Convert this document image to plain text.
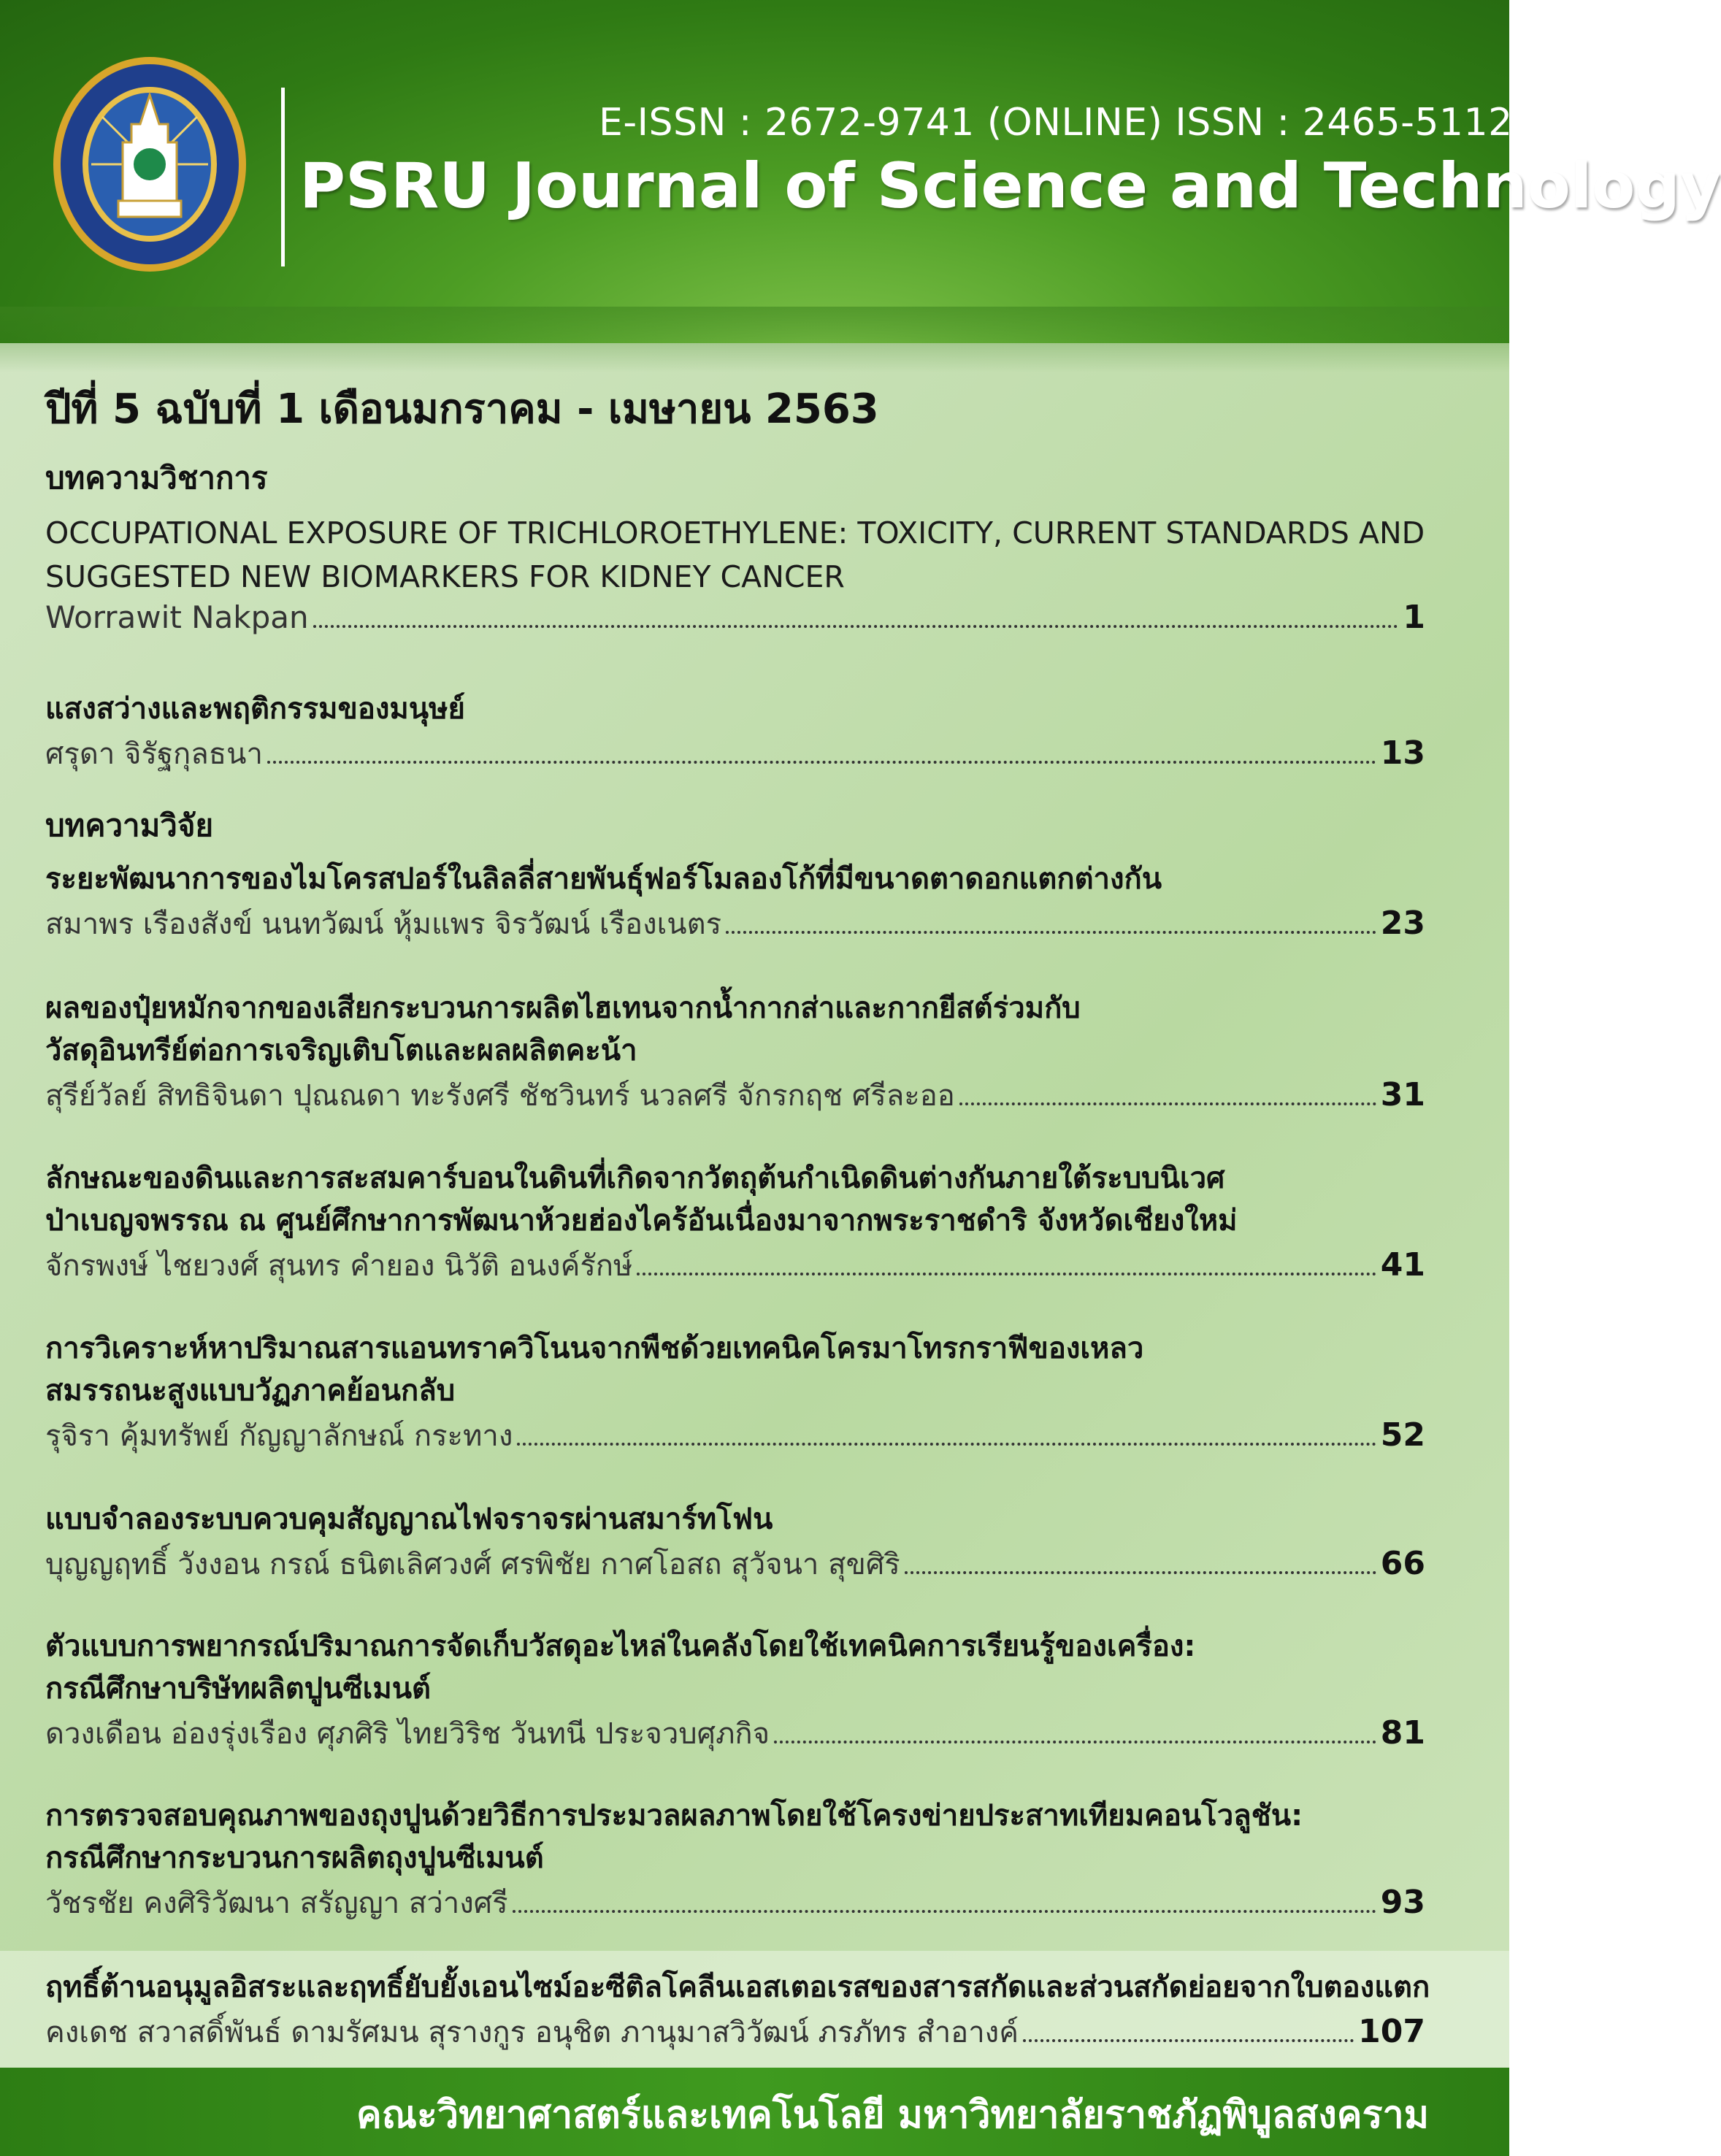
E-ISSN : 2672-9741 (ONLINE) ISSN : 2465-5112
PSRU Journal of Science and Technology
ปีที่ 5 ฉบับที่ 1 เดือนมกราคม - เมษายน 2563
บทความวิชาการ
OCCUPATIONAL EXPOSURE OF TRICHLOROETHYLENE: TOXICITY, CURRENT STANDARDS AND
SUGGESTED NEW BIOMARKERS FOR KIDNEY CANCER
Worrawit Nakpan	1
แสงสว่างและพฤติกรรมของมนุษย์
ศรุดา จิรัฐกุลธนา	13
บทความวิจัย
ระยะพัฒนาการของไมโครสปอร์ในลิลลี่สายพันธุ์ฟอร์โมลองโก้ที่มีขนาดตาดอกแตกต่างกัน
สมาพร เรืองสังข์ นนทวัฒน์ หุ้มแพร จิรวัฒน์ เรืองเนตร	23
ผลของปุ๋ยหมักจากของเสียกระบวนการผลิตไฮเทนจากน้ำกากส่าและกากยีสต์ร่วมกับ
วัสดุอินทรีย์ต่อการเจริญเติบโตและผลผลิตคะน้า
สุรีย์วัลย์ สิทธิจินดา ปุณณดา ทะรังศรี ชัชวินทร์ นวลศรี จักรกฤช ศรีละออ	31
ลักษณะของดินและการสะสมคาร์บอนในดินที่เกิดจากวัตถุต้นกำเนิดดินต่างกันภายใต้ระบบนิเวศ
ป่าเบญจพรรณ ณ ศูนย์ศึกษาการพัฒนาห้วยฮ่องไคร้อันเนื่องมาจากพระราชดำริ จังหวัดเชียงใหม่
จักรพงษ์ ไชยวงศ์ สุนทร คำยอง นิวัติ อนงค์รักษ์	41
การวิเคราะห์หาปริมาณสารแอนทราควิโนนจากพืชด้วยเทคนิคโครมาโทรกราฟีของเหลว
สมรรถนะสูงแบบวัฏภาคย้อนกลับ
รุจิรา คุ้มทรัพย์ กัญญาลักษณ์ กระทาง	52
แบบจำลองระบบควบคุมสัญญาณไฟจราจรผ่านสมาร์ทโฟน
บุญญฤทธิ์ วังงอน กรณ์ ธนิตเลิศวงศ์ ศรพิชัย กาศโอสถ สุวัจนา สุขศิริ	66
ตัวแบบการพยากรณ์ปริมาณการจัดเก็บวัสดุอะไหล่ในคลังโดยใช้เทคนิคการเรียนรู้ของเครื่อง:
กรณีศึกษาบริษัทผลิตปูนซีเมนต์
ดวงเดือน อ่องรุ่งเรือง ศุภศิริ ไทยวิริช วันทนี ประจวบศุภกิจ	81
การตรวจสอบคุณภาพของถุงปูนด้วยวิธีการประมวลผลภาพโดยใช้โครงข่ายประสาทเทียมคอนโวลูชัน:
กรณีศึกษากระบวนการผลิตถุงปูนซีเมนต์
วัชรชัย คงศิริวัฒนา สรัญญา สว่างศรี	93
ฤทธิ์ต้านอนุมูลอิสระและฤทธิ์ยับยั้งเอนไซม์อะซีติลโคลีนเอสเตอเรสของสารสกัดและส่วนสกัดย่อยจากใบตองแตก
คงเดช สวาสดิ์พันธ์ ดามรัศมน สุรางกูร อนุชิต ภานุมาสวิวัฒน์ ภรภัทร สำอางค์	107
คณะวิทยาศาสตร์และเทคโนโลยี มหาวิทยาลัยราชภัฏพิบูลสงคราม
